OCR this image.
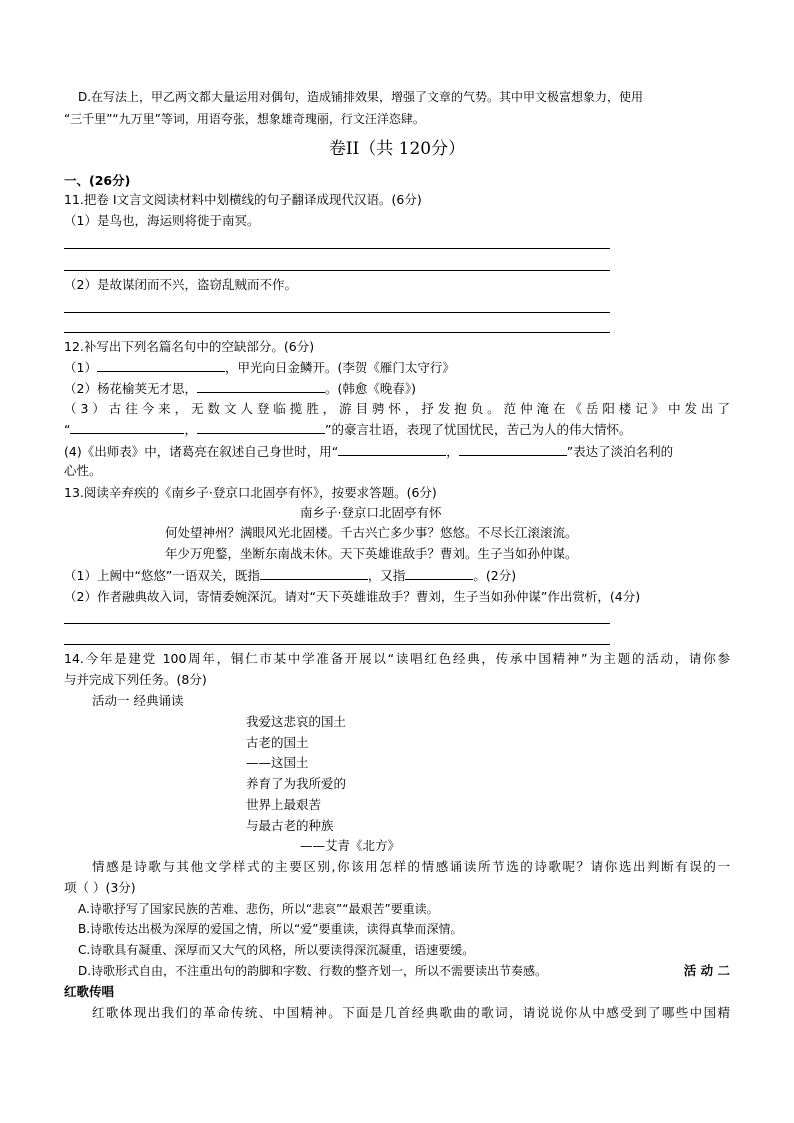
D.在写法上，甲乙两文都大量运用对偶句，造成铺排效果，增强了文章的气势。其中甲文极富想象力，使用
“三千里”“九万里”等词，用语夸张，想象雄奇瑰丽，行文汪洋恣肆。
卷II（共 120分）
一、(26分)
11.把卷 I文言文阅读材料中划横线的句子翻译成现代汉语。(6分)
（1）是鸟也，海运则将徙于南冥。
（2）是故谋闭而不兴，盗窃乱贼而不作。
12.补写出下列名篇名句中的空缺部分。(6分)
（1）	，甲光向日金鳞开。(李贺《雁门太守行》
（2）杨花榆荚无才思，	。(韩愈《晚春》)
（3）古往今来，无数文人登临揽胜，游目骋怀，抒发抱负。范仲淹在《岳阳楼记》中发出了
“	，	”的豪言壮语，表现了忧国忧民，苦己为人的伟大情怀。
(4)《出师表》中，诸葛亮在叙述自己身世时，用“	，	”表达了淡泊名利的
心性。
13.阅读辛弃疾的《南乡子·登京口北固亭有怀》，按要求答题。(6分)
南乡子·登京口北固亭有怀
何处望神州？满眼风光北固楼。千古兴亡多少事？悠悠。不尽长江滚滚流。
年少万兜鍪，坐断东南战未休。天下英雄谁敌手？曹刘。生子当如孙仲谋。
（1）上阙中“悠悠”一语双关，既指	，又指	。(2分)
（2）作者融典故入词，寄情委婉深沉。请对“天下英雄谁敌手？曹刘，生子当如孙仲谋”作出赏析，(4分)
14.今年是建党 100周年，铜仁市某中学准备开展以“读唱红色经典，传承中国精神”为主题的活动，请你参
与并完成下列任务。(8分)
活动一 经典诵读
我爱这悲哀的国土
古老的国土
——这国土
养育了为我所爱的
世界上最艰苦
与最古老的种族
——艾青《北方》
情感是诗歌与其他文学样式的主要区别,你该用怎样的情感诵读所节选的诗歌呢？请你选出判断有误的一
项（ ）(3分)
A.诗歌抒写了国家民族的苦难、悲伤，所以“悲哀”“最艰苦”要重读。
B.诗歌传达出极为深厚的爱国之情，所以“爱”要重读，读得真挚而深情。
C.诗歌具有凝重、深厚而又大气的风格，所以要读得深沉凝重，语速要缓。
D.诗歌形式自由，不注重出句的韵脚和字数、行数的整齐划一，所以不需要读出节奏感。	活 动 二
红歌传唱
红歌体现出我们的革命传统、中国精神。下面是几首经典歌曲的歌词，请说说你从中感受到了哪些中国精
